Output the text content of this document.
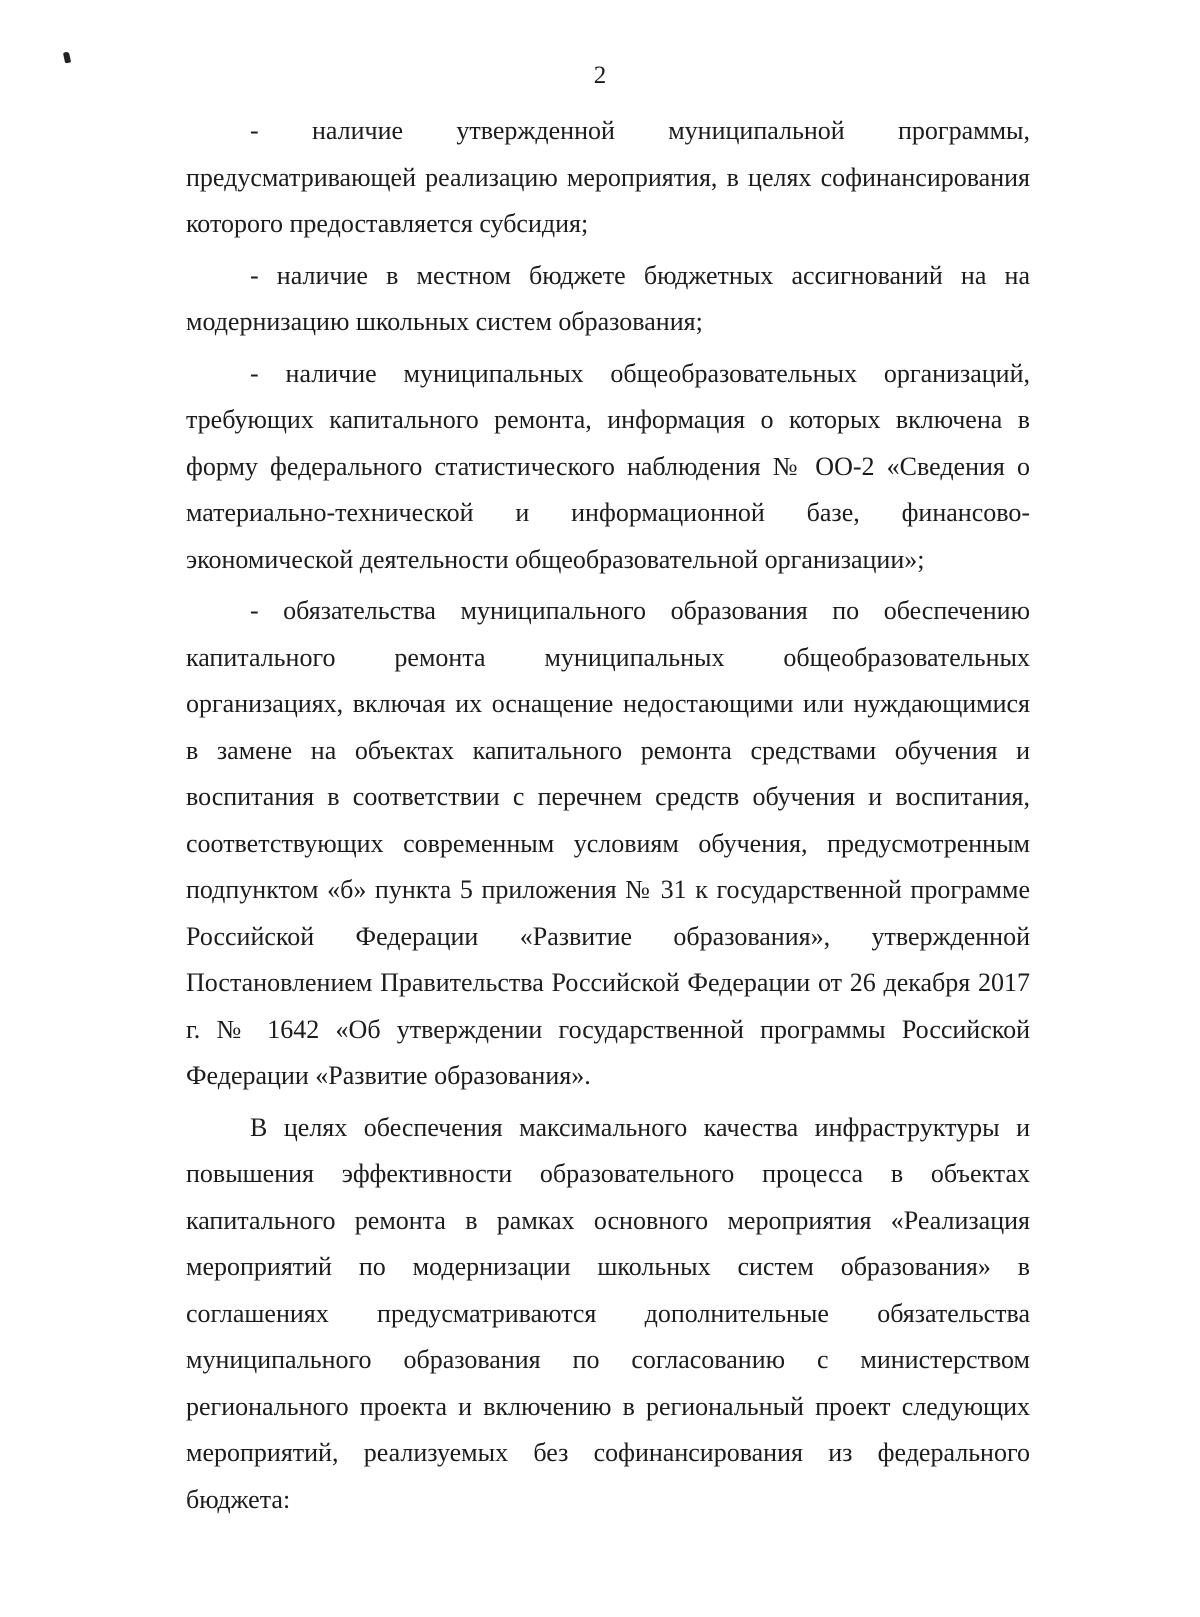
2

- наличие утвержденной муниципальной программы, предусматривающей реализацию мероприятия, в целях софинансирования которого предоставляется субсидия;

- наличие в местном бюджете бюджетных ассигнований на на модернизацию школьных систем образования;

- наличие муниципальных общеобразовательных организаций, требующих капитального ремонта, информация о которых включена в форму федерального статистического наблюдения № ОО-2 «Сведения о материально-технической и информационной базе, финансово-экономической деятельности общеобразовательной организации»;

- обязательства муниципального образования по обеспечению капитального ремонта муниципальных общеобразовательных организациях, включая их оснащение недостающими или нуждающимися в замене на объектах капитального ремонта средствами обучения и воспитания в соответствии с перечнем средств обучения и воспитания, соответствующих современным условиям обучения, предусмотренным подпунктом «б» пункта 5 приложения № 31 к государственной программе Российской Федерации «Развитие образования», утвержденной Постановлением Правительства Российской Федерации от 26 декабря 2017 г. № 1642 «Об утверждении государственной программы Российской Федерации «Развитие образования».

В целях обеспечения максимального качества инфраструктуры и повышения эффективности образовательного процесса в объектах капитального ремонта в рамках основного мероприятия «Реализация мероприятий по модернизации школьных систем образования» в соглашениях предусматриваются дополнительные обязательства муниципального образования по согласованию с министерством регионального проекта и включению в региональный проект следующих мероприятий, реализуемых без софинансирования из федерального бюджета:
